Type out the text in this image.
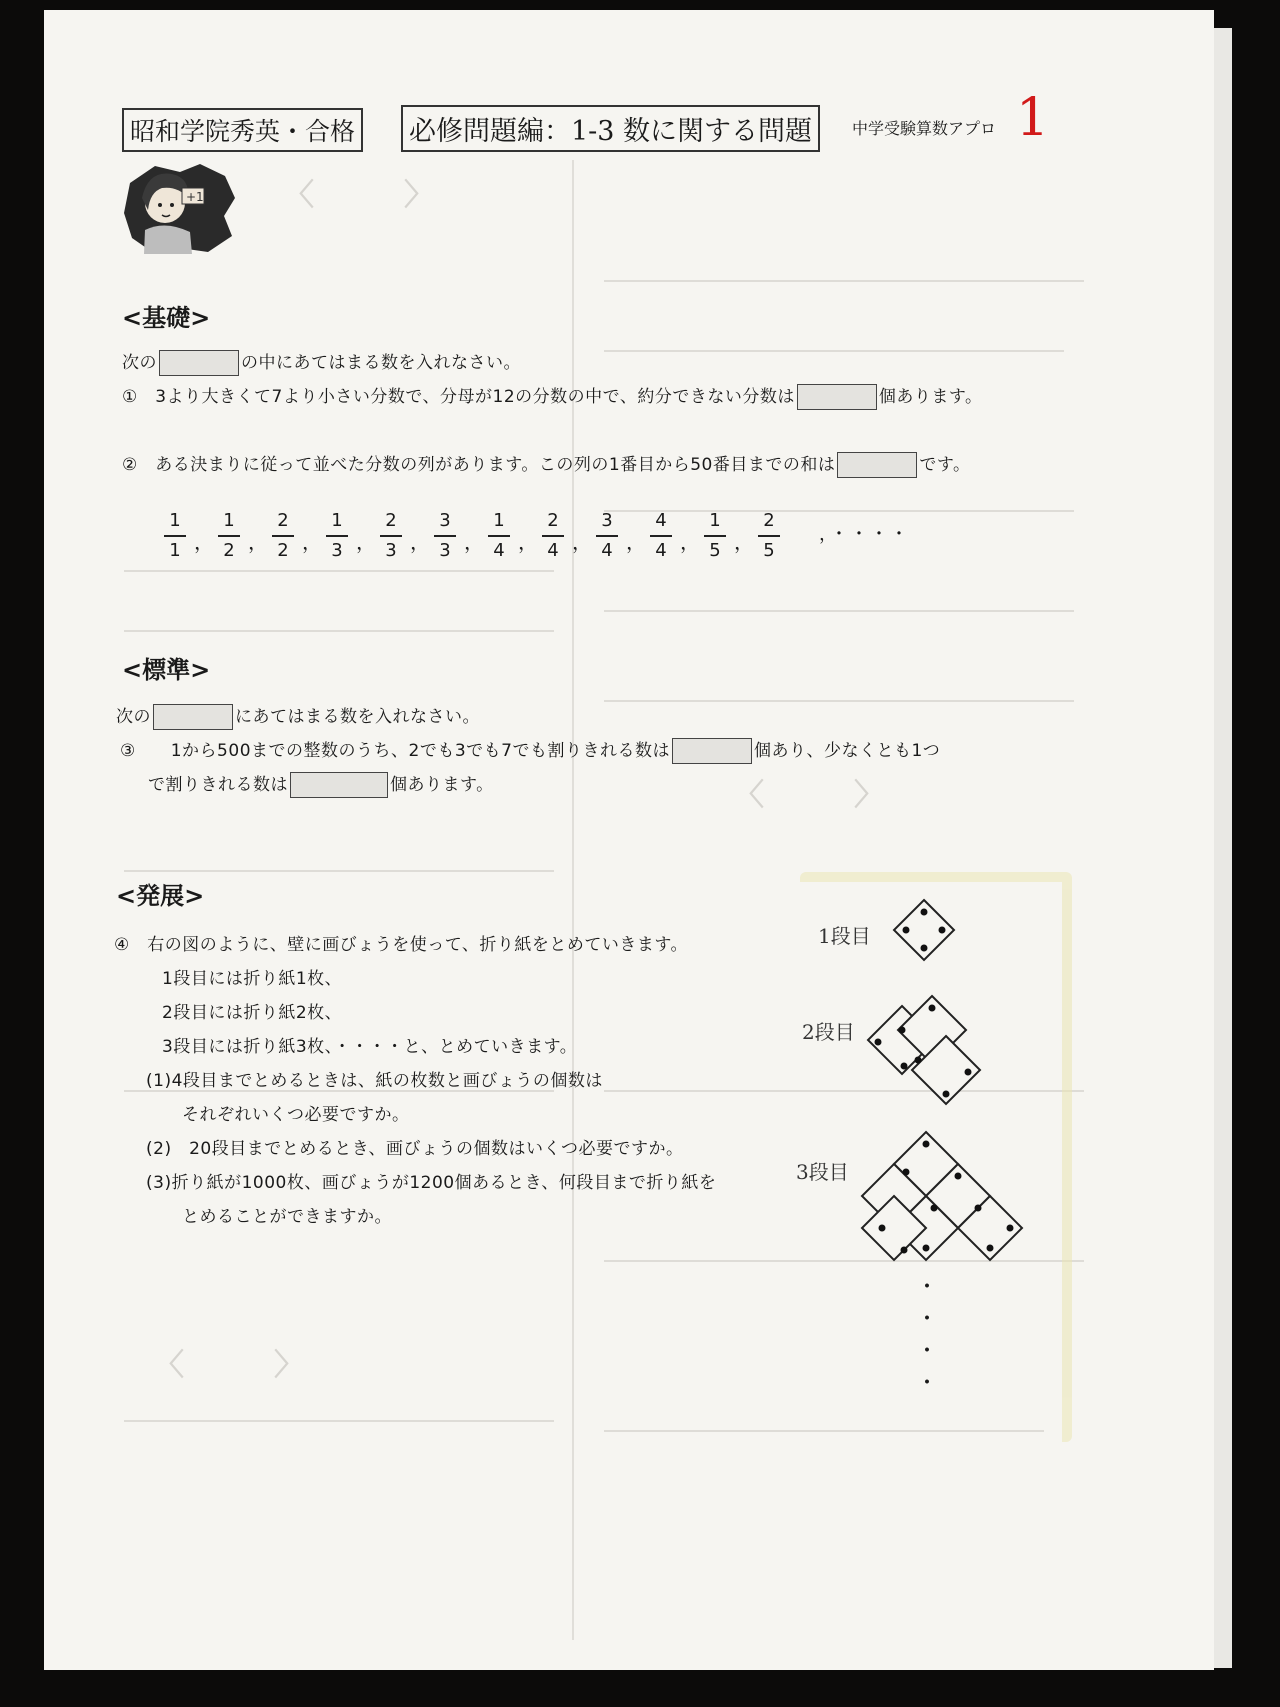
〈　　　〉
〈　　　〉
〈　　　〉
昭和学院秀英・合格 必修問題編：1-3 数に関する問題	中学受験算数アプロ 1
+1
<基礎>
次の	の中にあてはまる数を入れなさい。
①　3より大きくて7より小さい分数で、分母が12の分数の中で、約分できない分数は	個あります。
②　ある決まりに従って並べた分数の列があります。この列の1番目から50番目までの和は	です。
1
1 ，
1
2 ，
2
2 ，
1
3 ，
2
3 ，
3
3 ，
1
4 ，
2
4 ，
3
4 ，
4
4 ，
1
5 ，
2
5
，・・・・
<標準>
次の	にあてはまる数を入れなさい。
③　　1から500までの整数のうち、2でも3でも7でも割りきれる数は	個あり、少なくとも1つ
で割りきれる数は	個あります。
<発展>
④　右の図のように、壁に画びょうを使って、折り紙をとめていきます。
1段目には折り紙1枚、
2段目には折り紙2枚、
3段目には折り紙3枚、・・・・と、とめていきます。
(1)4段目までとめるときは、紙の枚数と画びょうの個数は
それぞれいくつ必要ですか。
(2)　20段目までとめるとき、画びょうの個数はいくつ必要ですか。
(3)折り紙が1000枚、画びょうが1200個あるとき、何段目まで折り紙を
とめることができますか。
1段目
2段目
3段目
・
・
・
・
